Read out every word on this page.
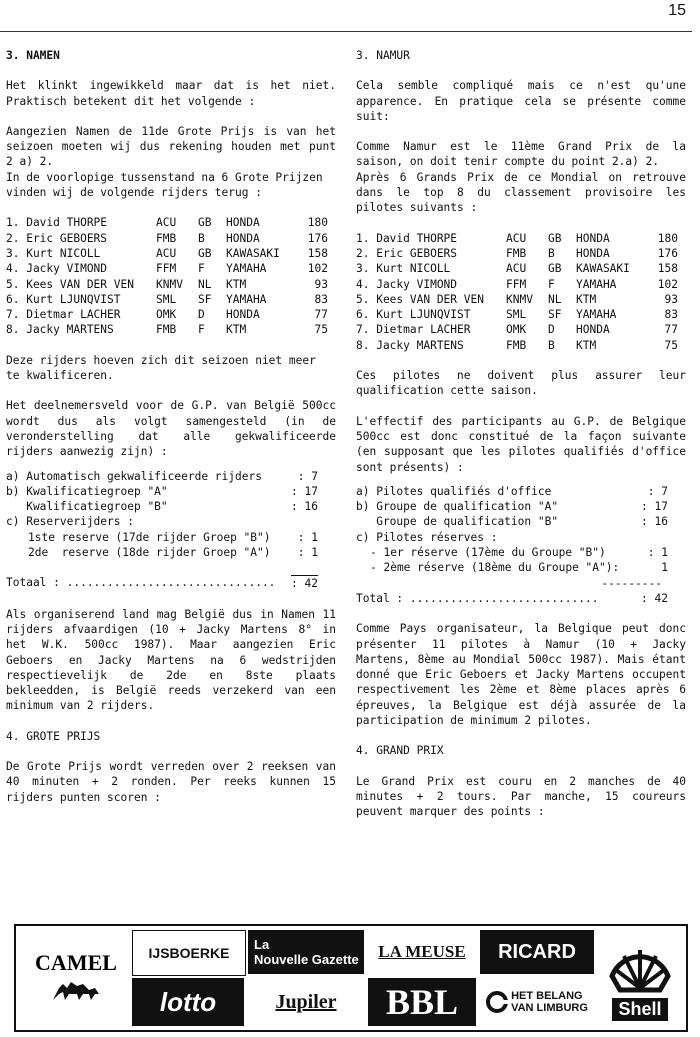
15

3. NAMEN

Het klinkt ingewikkeld maar dat is het niet. Praktisch betekent dit het volgende :

Aangezien Namen de 11de Grote Prijs is van het seizoen moeten wij dus rekening houden met punt 2 a) 2.

In de voorlopige tussenstand na 6 Grote Prijzen vinden wij de volgende rijders terug :

1. David THORPE	ACU	GB	HONDA	180
2. Eric GEBOERS	FMB	B	HONDA	176
3. Kurt NICOLL	ACU	GB	KAWASAKI	158
4. Jacky VIMOND	FFM	F	YAMAHA	102
5. Kees VAN DER VEN	KNMV	NL	KTM	93
6. Kurt LJUNQVIST	SML	SF	YAMAHA	83
7. Dietmar LACHER	OMK	D	HONDA	77
8. Jacky MARTENS	FMB	F	KTM	75

Deze rijders hoeven zich dit seizoen niet meer te kwalificeren.

Het deelnemersveld voor de G.P. van België 500cc wordt dus als volgt samengesteld (in de veronderstelling dat alle gekwalificeerde rijders aanwezig zijn) :

a) Automatisch gekwalificeerde rijders	: 7
b) Kwalificatiegroep "A"	: 17
Kwalificatiegroep "B"	: 16
c) Reserverijders :
1ste reserve (17de rijder Groep "B")	: 1
2de  reserve (18de rijder Groep "A")	: 1
Totaal : ...............................	: 42

Als organiserend land mag België dus in Namen 11 rijders afvaardigen (10 + Jacky Martens 8° in het W.K. 500cc 1987). Maar aangezien Eric Geboers en Jacky Martens na 6 wedstrijden respectievelijk de 2de en 8ste plaats bekleedden, is België reeds verzekerd van een minimum van 2 rijders.

4. GROTE PRIJS

De Grote Prijs wordt verreden over 2 reeksen van 40 minuten + 2 ronden. Per reeks kunnen 15 rijders punten scoren :

3. NAMUR

Cela semble compliqué mais ce n'est qu'une apparence. En pratique cela se présente comme suit:

Comme Namur est le 11ème Grand Prix de la saison, on doit tenir compte du point 2.a) 2.

Après 6 Grands Prix de ce Mondial on retrouve dans le top 8 du classement provisoire les pilotes suivants :

1. David THORPE	ACU	GB	HONDA	180
2. Eric GEBOERS	FMB	B	HONDA	176
3. Kurt NICOLL	ACU	GB	KAWASAKI	158
4. Jacky VIMOND	FFM	F	YAMAHA	102
5. Kees VAN DER VEN	KNMV	NL	KTM	93
6. Kurt LJUNQVIST	SML	SF	YAMAHA	83
7. Dietmar LACHER	OMK	D	HONDA	77
8. Jacky MARTENS	FMB	B	KTM	75

Ces pilotes ne doivent plus assurer leur qualification cette saison.

L'effectif des participants au G.P. de Belgique 500cc est donc constitué de la façon suivante (en supposant que les pilotes qualifiés d'office sont présents) :

a) Pilotes qualifiés d'office	: 7
b) Groupe de qualification "A"	: 17
Groupe de qualification "B"	: 16
c) Pilotes réserves :
- 1er réserve (17ème du Groupe "B")	: 1
- 2ème réserve (18ème du Groupe "A"):	1
---------
Total : ............................	: 42

Comme Pays organisateur, la Belgique peut donc présenter 11 pilotes à Namur (10 + Jacky Martens, 8ème au Mondial 500cc 1987). Mais étant donné que Eric Geboers et Jacky Martens occupent respectivement les 2ème et 8ème places après 6 épreuves, la Belgique est déjà assurée de la participation de minimum 2 pilotes.

4. GRAND PRIX

Le Grand Prix est couru en 2 manches de 40 minutes + 2 tours. Par manche, 15 coureurs peuvent marquer des points :

CAMEL	IJSBOERKE
lotto
La
Nouvelle Gazette
Jupiler
LA MEUSE
BBL
RICARD
HET BELANG
VAN LIMBURG	Shell
